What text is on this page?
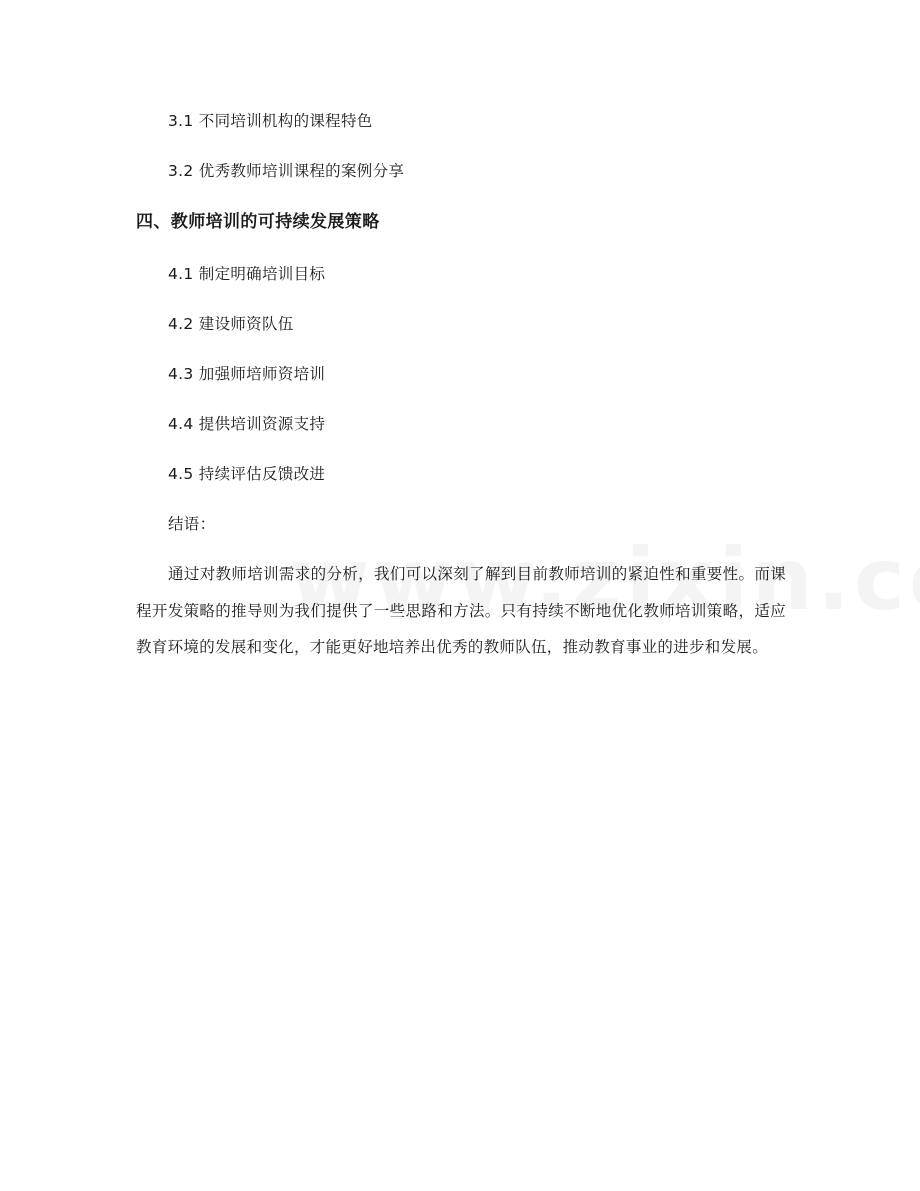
3.1 不同培训机构的课程特色
3.2 优秀教师培训课程的案例分享
四、教师培训的可持续发展策略
4.1 制定明确培训目标
4.2 建设师资队伍
4.3 加强师培师资培训
4.4 提供培训资源支持
4.5 持续评估反馈改进
结语：
通过对教师培训需求的分析，我们可以深刻了解到目前教师培训的紧迫性和重要性。而课程开发策略的推导则为我们提供了一些思路和方法。只有持续不断地优化教师培训策略，适应教育环境的发展和变化，才能更好地培养出优秀的教师队伍，推动教育事业的进步和发展。
